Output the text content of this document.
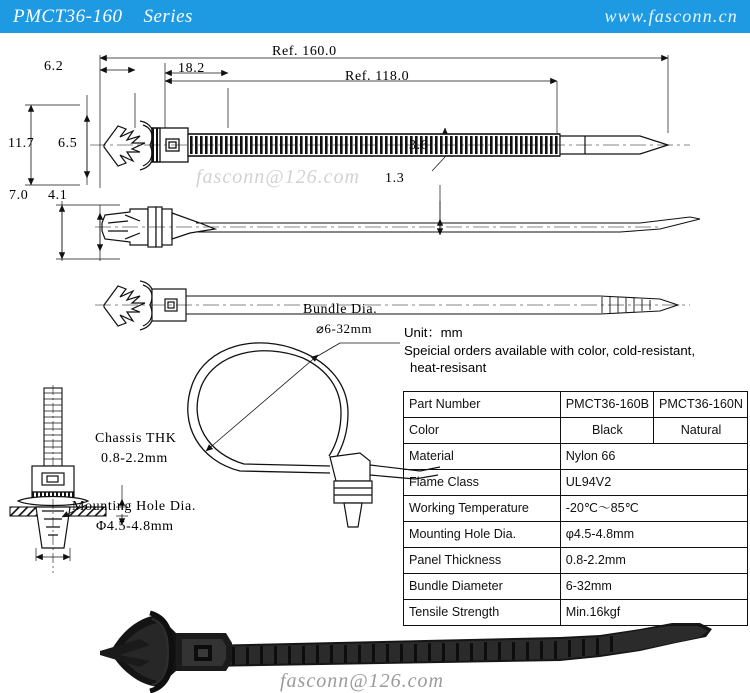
PMCT36-160    Series	www.fasconn.cn
Ref. 160.0
Ref. 118.0
6.2	18.2
11.7 6.5	3.6
7.0 4.1
1.3
Bundle Dia.
⌀6-32mm
Chassis THK
0.8-2.2mm
Mounting Hole Dia.
Φ4.5-4.8mm
fasconn@126.com
fasconn@126.com
Unit：mm
Speicial orders available with color, cold-resistant,
heat-resisant
Part Number	PMCT36-160B	PMCT36-160N
Color	Black	Natural
Material	Nylon 66	
Flame Class	UL94V2	
Working Temperature	-20℃～85℃	
Mounting Hole Dia.	φ4.5-4.8mm	
Panel Thickness	0.8-2.2mm	
Bundle Diameter	6-32mm	
Tensile Strength	Min.16kgf	
